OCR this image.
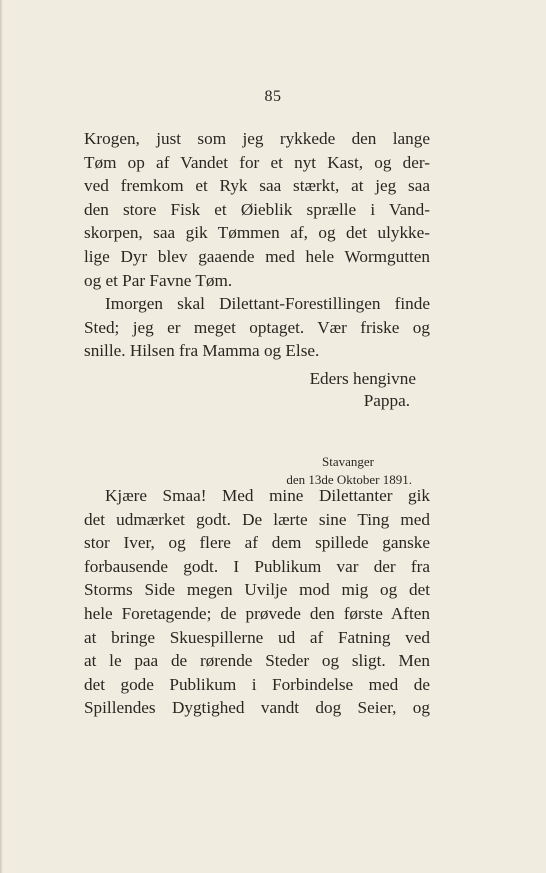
85
Krogen, just som jeg rykkede den lange
Tøm op af Vandet for et nyt Kast, og der-
ved fremkom et Ryk saa stærkt, at jeg saa
den store Fisk et Øieblik sprælle i Vand-
skorpen, saa gik Tømmen af, og det ulykke-
lige Dyr blev gaaende med hele Wormgutten
og et Par Favne Tøm.
Imorgen skal Dilettant-Forestillingen finde
Sted; jeg er meget optaget. Vær friske og
snille. Hilsen fra Mamma og Else.
Eders hengivne
Pappa.
Stavanger
den 13de Oktober 1891.
Kjære Smaa! Med mine Dilettanter gik
det udmærket godt. De lærte sine Ting med
stor Iver, og flere af dem spillede ganske
forbausende godt. I Publikum var der fra
Storms Side megen Uvilje mod mig og det
hele Foretagende; de prøvede den første Aften
at bringe Skuespillerne ud af Fatning ved
at le paa de rørende Steder og sligt. Men
det gode Publikum i Forbindelse med de
Spillendes Dygtighed vandt dog Seier, og
